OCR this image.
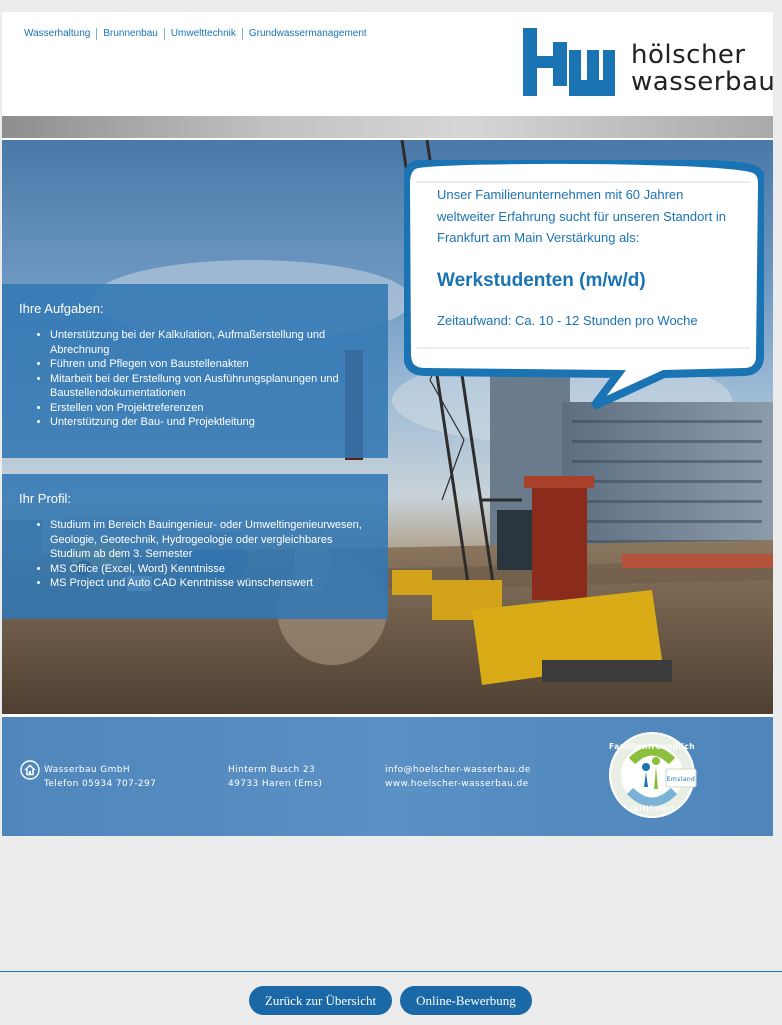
Wasserhaltung	Brunnenbau	Umwelttechnik	Grundwassermanagement
hölscher
wasserbau
Ihre Aufgaben:
• Unterstützung bei der Kalkulation, Aufmaßerstellung und Abrechnung
• Führen und Pflegen von Baustellenakten
• Mitarbeit bei der Erstellung von Ausführungsplanungen und Baustellendokumentationen
• Erstellen von Projektreferenzen
• Unterstützung der Bau- und Projektleitung
Ihr Profil:
• Studium im Bereich Bauingenieur- oder Umweltingenieurwesen, Geologie, Geotechnik, Hydrogeologie oder vergleichbares Studium ab dem 3. Semester
• MS Office (Excel, Word) Kenntnisse
• MS Project und Auto CAD Kenntnisse wünschenswert
Unser Familienunternehmen mit 60 Jahren weltweiter Erfahrung sucht für unseren Standort in Frankfurt am Main Verstärkung als:
Werkstudenten (m/w/d)
Zeitaufwand: Ca. 10 - 12 Stunden pro Woche
Wasserbau GmbH
Telefon 05934 707-297
Hinterm Busch 23
49733 Haren (Ems)
info@hoelscher-wasserbau.de
www.hoelscher-wasserbau.de
Familienfreundlich
zertifiziert
Emsland
Zurück zur Übersicht	Online-Bewerbung
